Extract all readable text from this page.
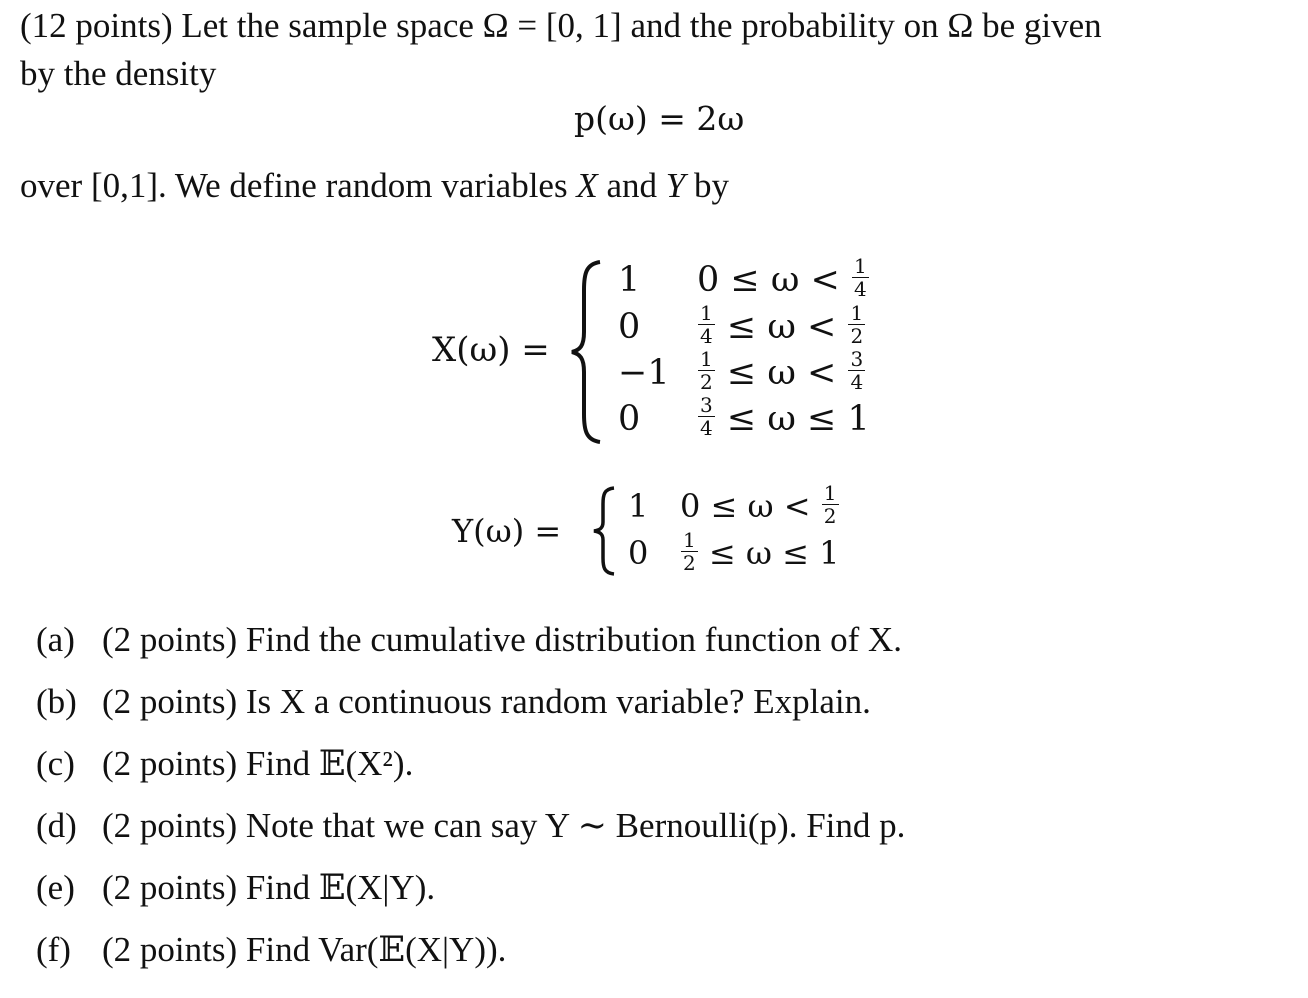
(12 points) Let the sample space Ω = [0, 1] and the probability on Ω be given
by the density
p(ω) = 2ω
over [0,1]. We define random variables X and Y by
X(ω) =
1 $0 \le \omega < \frac{1}{4}$
0	$\frac{1}{4} \le \omega < \frac{1}{2}$
$-1 \frac{1}{2} \le \omega < \frac{3}{4}$
0	$\frac{3}{4} \le \omega \le 1$
Y(ω) =
1 $0 \le \omega < \frac{1}{2}$
$0 \frac{1}{2} \le \omega \le 1$
(a) (2 points) Find the cumulative distribution function of X.
(b) (2 points) Is X a continuous random variable? Explain.
(c) (2 points) Find 𝔼(X²).
(d) (2 points) Note that we can say Y ∼ Bernoulli(p). Find p.
(e) (2 points) Find 𝔼(X|Y).
(f) (2 points) Find Var(𝔼(X|Y)).
